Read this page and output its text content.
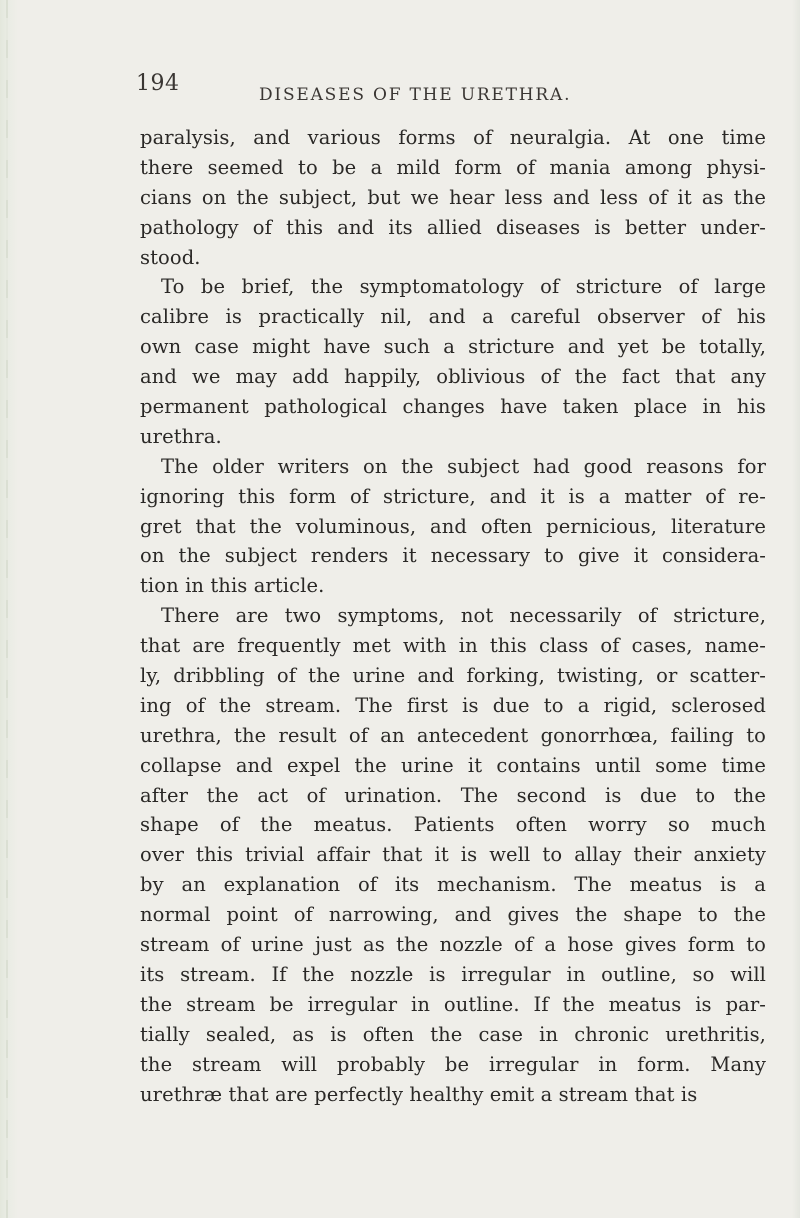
194	DISEASES OF THE URETHRA.
paralysis, and various forms of neuralgia. At one time
there seemed to be a mild form of mania among physi-
cians on the subject, but we hear less and less of it as the
pathology of this and its allied diseases is better under-
stood.
To be brief, the symptomatology of stricture of large
calibre is practically nil, and a careful observer of his
own case might have such a stricture and yet be totally,
and we may add happily, oblivious of the fact that any
permanent pathological changes have taken place in his
urethra.
The older writers on the subject had good reasons for
ignoring this form of stricture, and it is a matter of re-
gret that the voluminous, and often pernicious, literature
on the subject renders it necessary to give it considera-
tion in this article.
There are two symptoms, not necessarily of stricture,
that are frequently met with in this class of cases, name-
ly, dribbling of the urine and forking, twisting, or scatter-
ing of the stream. The first is due to a rigid, sclerosed
urethra, the result of an antecedent gonorrhœa, failing to
collapse and expel the urine it contains until some time
after the act of urination. The second is due to the
shape of the meatus. Patients often worry so much
over this trivial affair that it is well to allay their anxiety
by an explanation of its mechanism. The meatus is a
normal point of narrowing, and gives the shape to the
stream of urine just as the nozzle of a hose gives form to
its stream. If the nozzle is irregular in outline, so will
the stream be irregular in outline. If the meatus is par-
tially sealed, as is often the case in chronic urethritis,
the stream will probably be irregular in form. Many
urethræ that are perfectly healthy emit a stream that is
